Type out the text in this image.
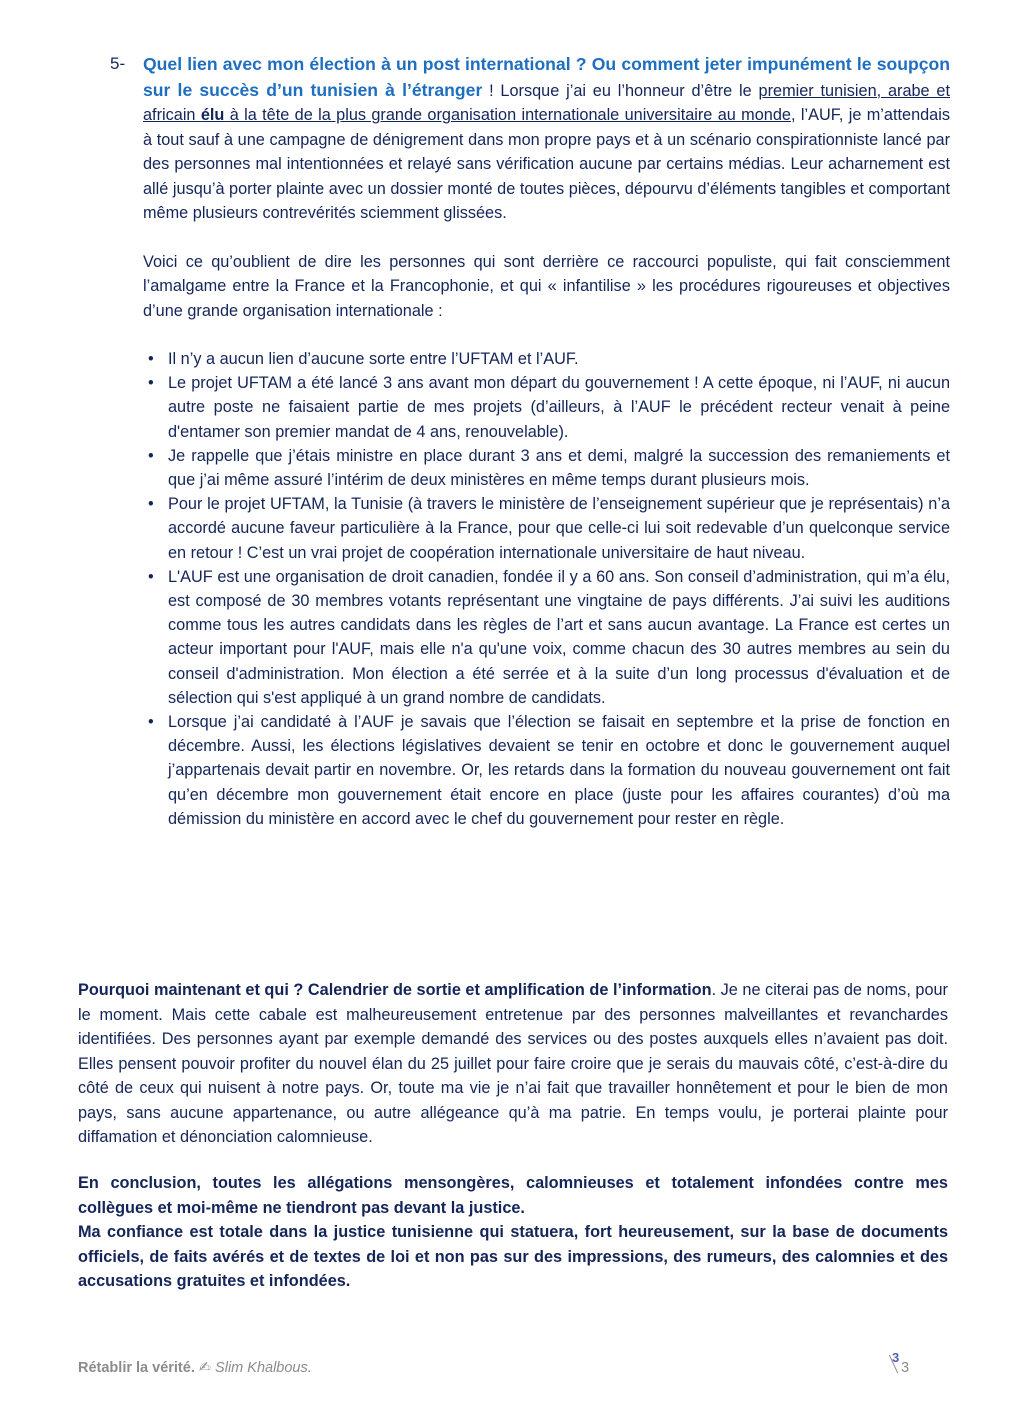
5- Quel lien avec mon élection à un post international ? Ou comment jeter impunément le soupçon sur le succès d’un tunisien à l’étranger ! Lorsque j’ai eu l’honneur d’être le premier tunisien, arabe et africain élu à la tête de la plus grande organisation internationale universitaire au monde, l’AUF, je m’attendais à tout sauf à une campagne de dénigrement dans mon propre pays et à un scénario conspirationniste lancé par des personnes mal intentionnées et relayé sans vérification aucune par certains médias. Leur acharnement est allé jusqu’à porter plainte avec un dossier monté de toutes pièces, dépourvu d’éléments tangibles et comportant même plusieurs contrevérités sciemment glissées.

Voici ce qu’oublient de dire les personnes qui sont derrière ce raccourci populiste, qui fait consciemment l’amalgame entre la France et la Francophonie, et qui « infantilise » les procédures rigoureuses et objectives d’une grande organisation internationale :

• Il n’y a aucun lien d’aucune sorte entre l’UFTAM et l’AUF.
• Le projet UFTAM a été lancé 3 ans avant mon départ du gouvernement ! A cette époque, ni l’AUF, ni aucun autre poste ne faisaient partie de mes projets (d’ailleurs, à l’AUF le précédent recteur venait à peine d'entamer son premier mandat de 4 ans, renouvelable).
• Je rappelle que j’étais ministre en place durant 3 ans et demi, malgré la succession des remaniements et que j’ai même assuré l’intérim de deux ministères en même temps durant plusieurs mois.
• Pour le projet UFTAM, la Tunisie (à travers le ministère de l’enseignement supérieur que je représentais) n’a accordé aucune faveur particulière à la France, pour que celle-ci lui soit redevable d’un quelconque service en retour ! C’est un vrai projet de coopération internationale universitaire de haut niveau.
• L'AUF est une organisation de droit canadien, fondée il y a 60 ans. Son conseil d’administration, qui m’a élu, est composé de 30 membres votants représentant une vingtaine de pays différents. J’ai suivi les auditions comme tous les autres candidats dans les règles de l’art et sans aucun avantage. La France est certes un acteur important pour l'AUF, mais elle n'a qu'une voix, comme chacun des 30 autres membres au sein du conseil d'administration. Mon élection a été serrée et à la suite d’un long processus d'évaluation et de sélection qui s'est appliqué à un grand nombre de candidats.
• Lorsque j’ai candidaté à l’AUF je savais que l’élection se faisait en septembre et la prise de fonction en décembre. Aussi, les élections législatives devaient se tenir en octobre et donc le gouvernement auquel j’appartenais devait partir en novembre. Or, les retards dans la formation du nouveau gouvernement ont fait qu’en décembre mon gouvernement était encore en place (juste pour les affaires courantes) d’où ma démission du ministère en accord avec le chef du gouvernement pour rester en règle.

Pourquoi maintenant et qui ? Calendrier de sortie et amplification de l’information. Je ne citerai pas de noms, pour le moment. Mais cette cabale est malheureusement entretenue par des personnes malveillantes et revanchardes identifiées. Des personnes ayant par exemple demandé des services ou des postes auxquels elles n’avaient pas doit. Elles pensent pouvoir profiter du nouvel élan du 25 juillet pour faire croire que je serais du mauvais côté, c’est-à-dire du côté de ceux qui nuisent à notre pays. Or, toute ma vie je n’ai fait que travailler honnêtement et pour le bien de mon pays, sans aucune appartenance, ou autre allégeance qu’à ma patrie. En temps voulu, je porterai plainte pour diffamation et dénonciation calomnieuse.

En conclusion, toutes les allégations mensongères, calomnieuses et totalement infondées contre mes collègues et moi-même ne tiendront pas devant la justice.
Ma confiance est totale dans la justice tunisienne qui statuera, fort heureusement, sur la base de documents officiels, de faits avérés et de textes de loi et non pas sur des impressions, des rumeurs, des calomnies et des accusations gratuites et infondées.
Rétablir la vérité. ✍ Slim Khalbous.
3
3
